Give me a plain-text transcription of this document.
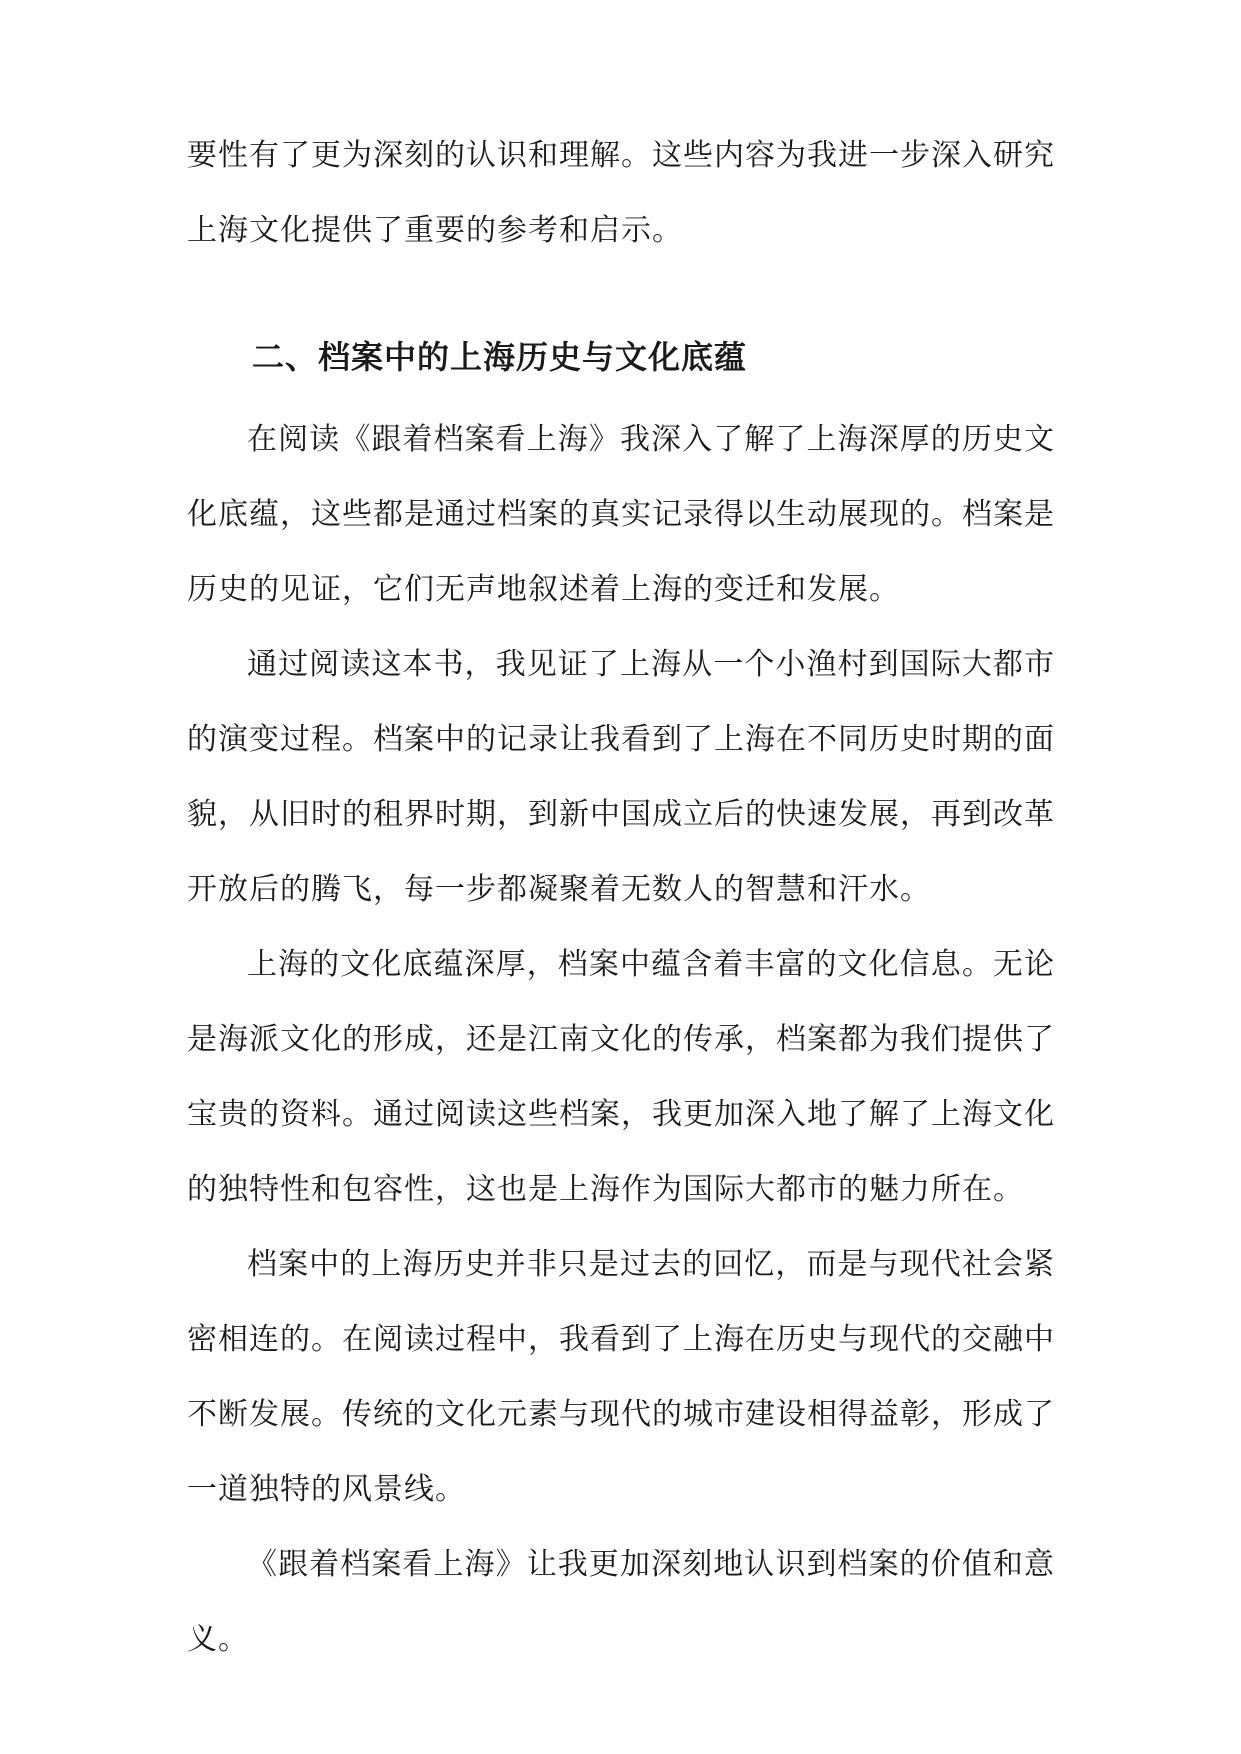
要性有了更为深刻的认识和理解。这些内容为我进一步深入研究上海文化提供了重要的参考和启示。

二、档案中的上海历史与文化底蕴

在阅读《跟着档案看上海》我深入了解了上海深厚的历史文化底蕴，这些都是通过档案的真实记录得以生动展现的。档案是历史的见证，它们无声地叙述着上海的变迁和发展。

通过阅读这本书，我见证了上海从一个小渔村到国际大都市的演变过程。档案中的记录让我看到了上海在不同历史时期的面貌，从旧时的租界时期，到新中国成立后的快速发展，再到改革开放后的腾飞，每一步都凝聚着无数人的智慧和汗水。

上海的文化底蕴深厚，档案中蕴含着丰富的文化信息。无论是海派文化的形成，还是江南文化的传承，档案都为我们提供了宝贵的资料。通过阅读这些档案，我更加深入地了解了上海文化的独特性和包容性，这也是上海作为国际大都市的魅力所在。

档案中的上海历史并非只是过去的回忆，而是与现代社会紧密相连的。在阅读过程中，我看到了上海在历史与现代的交融中不断发展。传统的文化元素与现代的城市建设相得益彰，形成了一道独特的风景线。

《跟着档案看上海》让我更加深刻地认识到档案的价值和意义。
